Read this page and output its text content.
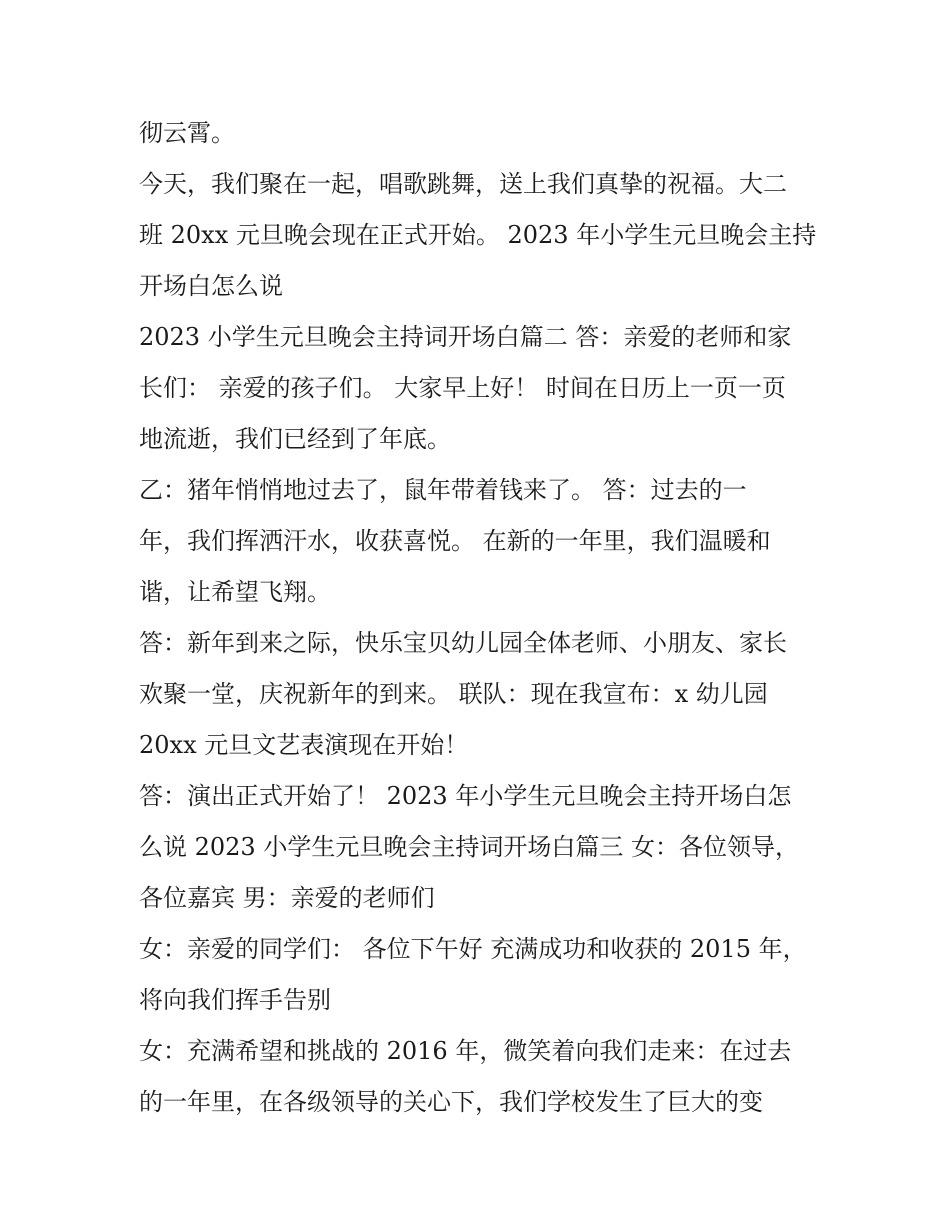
彻云霄。
今天，我们聚在一起，唱歌跳舞，送上我们真挚的祝福。大二
班 20xx 元旦晚会现在正式开始。 2023 年小学生元旦晚会主持
开场白怎么说
2023 小学生元旦晚会主持词开场白篇二 答：亲爱的老师和家
长们： 亲爱的孩子们。 大家早上好！ 时间在日历上一页一页
地流逝，我们已经到了年底。
乙：猪年悄悄地过去了，鼠年带着钱来了。 答：过去的一
年，我们挥洒汗水，收获喜悦。 在新的一年里，我们温暖和
谐，让希望飞翔。
答：新年到来之际，快乐宝贝幼儿园全体老师、小朋友、家长
欢聚一堂，庆祝新年的到来。 联队：现在我宣布：x 幼儿园
20xx 元旦文艺表演现在开始！
答：演出正式开始了！ 2023 年小学生元旦晚会主持开场白怎
么说 2023 小学生元旦晚会主持词开场白篇三 女：各位领导，
各位嘉宾 男：亲爱的老师们
女：亲爱的同学们： 各位下午好 充满成功和收获的 2015 年，
将向我们挥手告别
女：充满希望和挑战的 2016 年，微笑着向我们走来：在过去
的一年里，在各级领导的关心下，我们学校发生了巨大的变
